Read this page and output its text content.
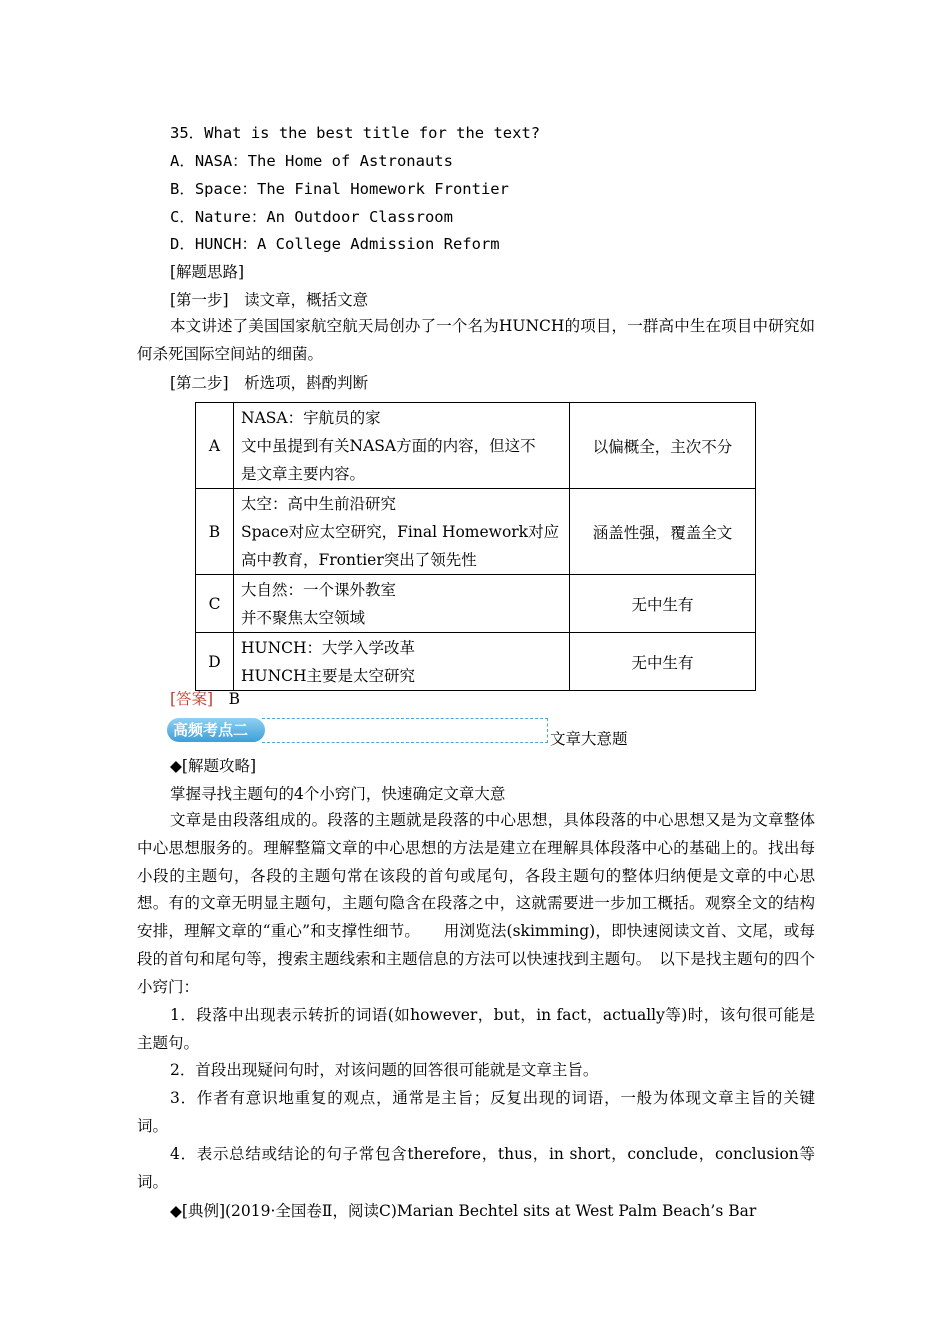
35．What is the best title for the text?
A．NASA：The Home of Astronauts
B．Space：The Final Homework Frontier
C．Nature：An Outdoor Classroom
D．HUNCH：A College Admission Reform
[解题思路]
[第一步]　读文章，概括文意

本文讲述了美国国家航空航天局创办了一个名为HUNCH的项目，一群高中生在项目中研究如何杀死国际空间站的细菌。

[第二步]　析选项，斟酌判断
A	NASA：宇航员的家
文中虽提到有关NASA方面的内容，但这不
是文章主要内容。	以偏概全，主次不分
B	太空：高中生前沿研究
Space对应太空研究，Final Homework对应
高中教育，Frontier突出了领先性	涵盖性强，覆盖全文
C	大自然：一个课外教室
并不聚焦太空领域	无中生有
D	HUNCH：大学入学改革
HUNCH主要是太空研究	无中生有
[答案]　 B
高频考点二	文章大意题
◆[解题攻略]
掌握寻找主题句的4个小窍门，快速确定文章大意

文章是由段落组成的。段落的主题就是段落的中心思想，具体段落的中心思想又是为文章整体中心思想服务的。理解整篇文章的中心思想的方法是建立在理解具体段落中心的基础上的。找出每小段的主题句，各段的主题句常在该段的首句或尾句，各段主题句的整体归纳便是文章的中心思想。有的文章无明显主题句，主题句隐含在段落之中，这就需要进一步加工概括。观察全文的结构安排，理解文章的“重心”和支撑性细节。　　用浏览法(skimming)，即快速阅读文首、文尾，或每段的首句和尾句等，搜索主题线索和主题信息的方法可以快速找到主题句。　以下是找主题句的四个小窍门：

1．段落中出现表示转折的词语(如however，but，in fact，actually等)时，该句很可能是主题句。

2．首段出现疑问句时，对该问题的回答很可能就是文章主旨。

3．作者有意识地重复的观点，通常是主旨；反复出现的词语，一般为体现文章主旨的关键词。

4．表示总结或结论的句子常包含therefore，thus，in short，conclude，conclusion等词。

◆[典例](2019·全国卷Ⅱ，阅读C)Marian Bechtel sits at West Palm Beach’s Bar
